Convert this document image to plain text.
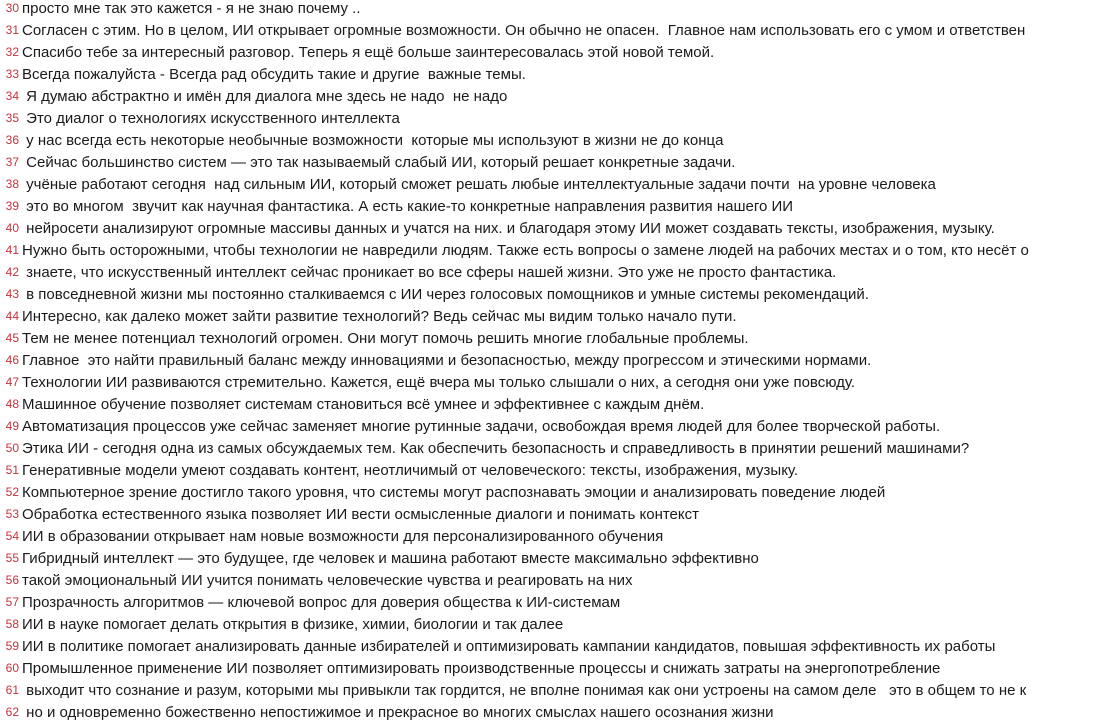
30 просто мне так это кажется - я не знаю почему ..
31 Согласен с этим. Но в целом, ИИ открывает огромные возможности. Он обычно не опасен.  Главное нам использовать его с умом и ответствен
32 Спасибо тебе за интересный разговор. Теперь я ещё больше заинтересовалась этой новой темой.
33 Всегда пожалуйста - Всегда рад обсудить такие и другие  важные темы.
34 Я думаю абстрактно и имён для диалога мне здесь не надо  не надо
35 Это диалог о технологиях искусственного интеллекта
36 у нас всегда есть некоторые необычные возможности  которые мы используют в жизни не до конца
37 Сейчас большинство систем — это так называемый слабый ИИ, который решает конкретные задачи.
38 учёные работают сегодня  над сильным ИИ, который сможет решать любые интеллектуальные задачи почти  на уровне человека
39 это во многом  звучит как научная фантастика. А есть какие-то конкретные направления развития нашего ИИ
40 нейросети анализируют огромные массивы данных и учатся на них. и благодаря этому ИИ может создавать тексты, изображения, музыку.
41 Нужно быть осторожными, чтобы технологии не навредили людям. Также есть вопросы о замене людей на рабочих местах и о том, кто несёт о
42 знаете, что искусственный интеллект сейчас проникает во все сферы нашей жизни. Это уже не просто фантастика.
43 в повседневной жизни мы постоянно сталкиваемся с ИИ через голосовых помощников и умные системы рекомендаций.
44 Интересно, как далеко может зайти развитие технологий? Ведь сейчас мы видим только начало пути.
45 Тем не менее потенциал технологий огромен. Они могут помочь решить многие глобальные проблемы.
46 Главное  это найти правильный баланс между инновациями и безопасностью, между прогрессом и этическими нормами.
47 Технологии ИИ развиваются стремительно. Кажется, ещё вчера мы только слышали о них, а сегодня они уже повсюду.
48 Машинное обучение позволяет системам становиться всё умнее и эффективнее с каждым днём.
49 Автоматизация процессов уже сейчас заменяет многие рутинные задачи, освобождая время людей для более творческой работы.
50 Этика ИИ - сегодня одна из самых обсуждаемых тем. Как обеспечить безопасность и справедливость в принятии решений машинами?
51 Генеративные модели умеют создавать контент, неотличимый от человеческого: тексты, изображения, музыку.
52 Компьютерное зрение достигло такого уровня, что системы могут распознавать эмоции и анализировать поведение людей
53 Обработка естественного языка позволяет ИИ вести осмысленные диалоги и понимать контекст
54 ИИ в образовании открывает нам новые возможности для персонализированного обучения
55 Гибридный интеллект — это будущее, где человек и машина работают вместе максимально эффективно
56 такой эмоциональный ИИ учится понимать человеческие чувства и реагировать на них
57 Прозрачность алгоритмов — ключевой вопрос для доверия общества к ИИ-системам
58 ИИ в науке помогает делать открытия в физике, химии, биологии и так далее
59 ИИ в политике помогает анализировать данные избирателей и оптимизировать кампании кандидатов, повышая эффективность их работы
60 Промышленное применение ИИ позволяет оптимизировать производственные процессы и снижать затраты на энергопотребление
61 выходит что сознание и разум, которыми мы привыкли так гордится, не вполне понимая как они устроены на самом деле   это в общем то не к
62 но и одновременно божественно непостижимое и прекрасное во многих смыслах нашего осознания жизни
